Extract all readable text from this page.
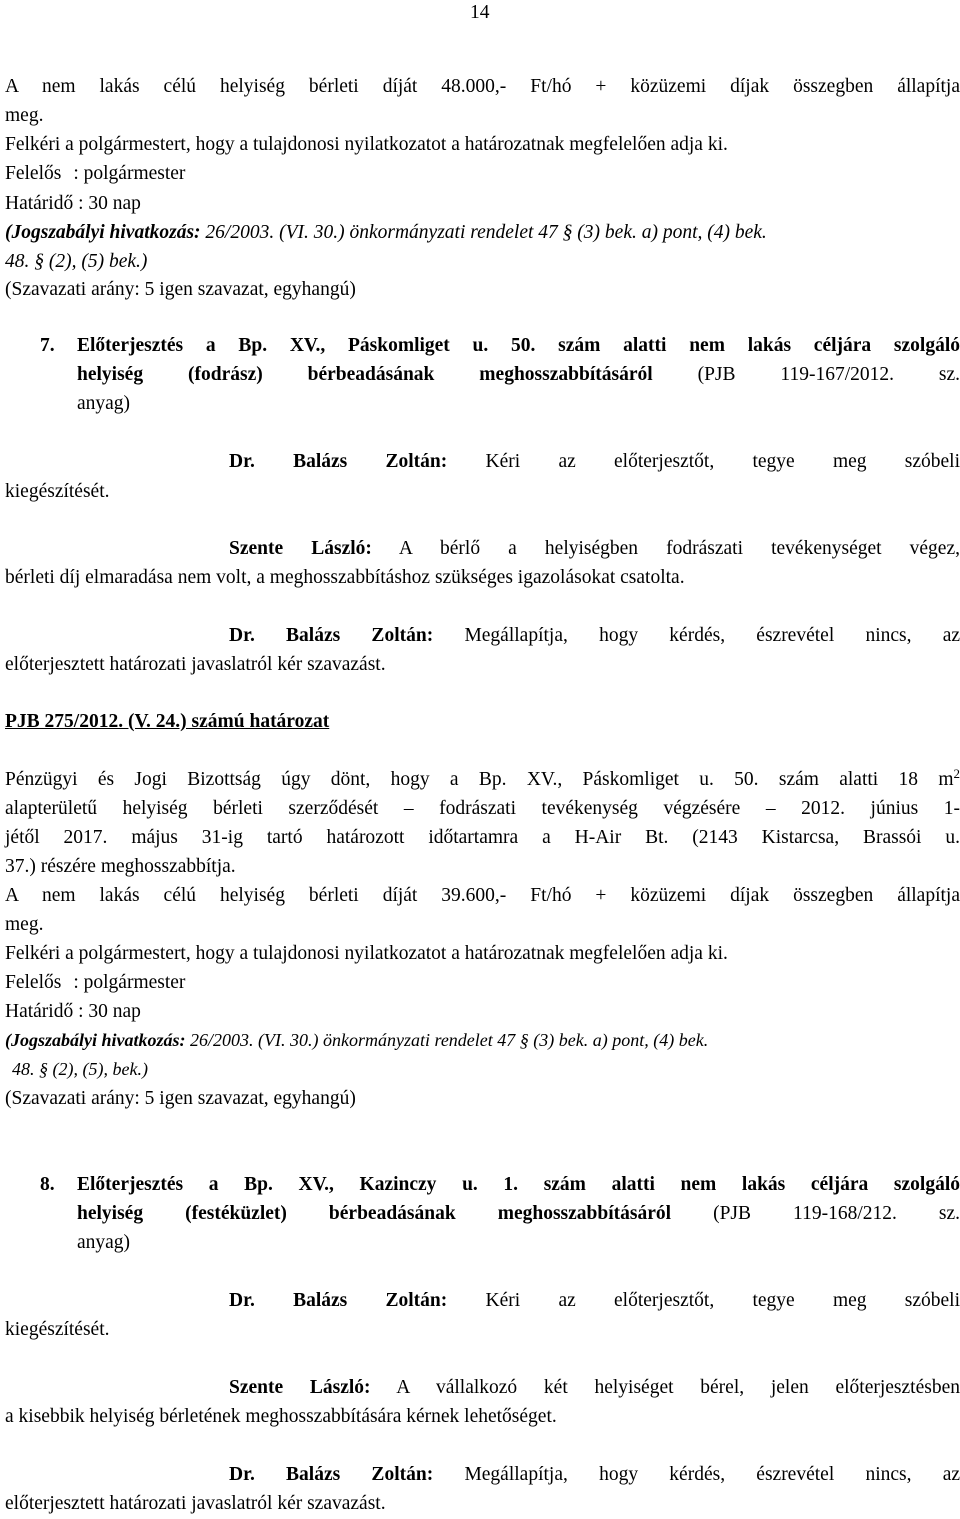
14
A nem lakás célú helyiség bérleti díját 48.000,- Ft/hó + közüzemi díjak összegben állapítja
meg.
Felkéri a polgármestert, hogy a tulajdonosi nyilatkozatot a határozatnak megfelelően adja ki.
Felelős : polgármester
Határidő : 30 nap
(Jogszabályi hivatkozás: 26/2003. (VI. 30.) önkormányzati rendelet 47 § (3) bek. a) pont, (4) bek.
48. § (2), (5) bek.)
(Szavazati arány: 5 igen szavazat, egyhangú)
7. Előterjesztés a Bp. XV., Páskomliget u. 50. szám alatti nem lakás céljára szolgáló
helyiség (fodrász) bérbeadásának meghosszabbításáról (PJB 119-167/2012. sz.
anyag)
Dr. Balázs Zoltán: Kéri az előterjesztőt, tegye meg szóbeli
kiegészítését.
Szente László: A bérlő a helyiségben fodrászati tevékenységet végez,
bérleti díj elmaradása nem volt, a meghosszabbításhoz szükséges igazolásokat csatolta.
Dr. Balázs Zoltán: Megállapítja, hogy kérdés, észrevétel nincs, az
előterjesztett határozati javaslatról kér szavazást.
PJB 275/2012. (V. 24.) számú határozat
Pénzügyi és Jogi Bizottság úgy dönt, hogy a Bp. XV., Páskomliget u. 50. szám alatti 18 $m^2$
alapterületű helyiség bérleti szerződését – fodrászati tevékenység végzésére – 2012. június 1-
jétől 2017. május 31-ig tartó határozott időtartamra a H-Air Bt. (2143 Kistarcsa, Brassói u.
37.) részére meghosszabbítja.
A nem lakás célú helyiség bérleti díját 39.600,- Ft/hó + közüzemi díjak összegben állapítja
meg.
Felkéri a polgármestert, hogy a tulajdonosi nyilatkozatot a határozatnak megfelelően adja ki.
Felelős : polgármester
Határidő : 30 nap
(Jogszabályi hivatkozás: 26/2003. (VI. 30.) önkormányzati rendelet 47 § (3) bek. a) pont, (4) bek.
48. § (2), (5), bek.)
(Szavazati arány: 5 igen szavazat, egyhangú)
8. Előterjesztés a Bp. XV., Kazinczy u. 1. szám alatti nem lakás céljára szolgáló
helyiség (festéküzlet) bérbeadásának meghosszabbításáról (PJB 119-168/212. sz.
anyag)
Dr. Balázs Zoltán: Kéri az előterjesztőt, tegye meg szóbeli
kiegészítését.
Szente László: A vállalkozó két helyiséget bérel, jelen előterjesztésben
a kisebbik helyiség bérletének meghosszabbítására kérnek lehetőséget.
Dr. Balázs Zoltán: Megállapítja, hogy kérdés, észrevétel nincs, az
előterjesztett határozati javaslatról kér szavazást.
